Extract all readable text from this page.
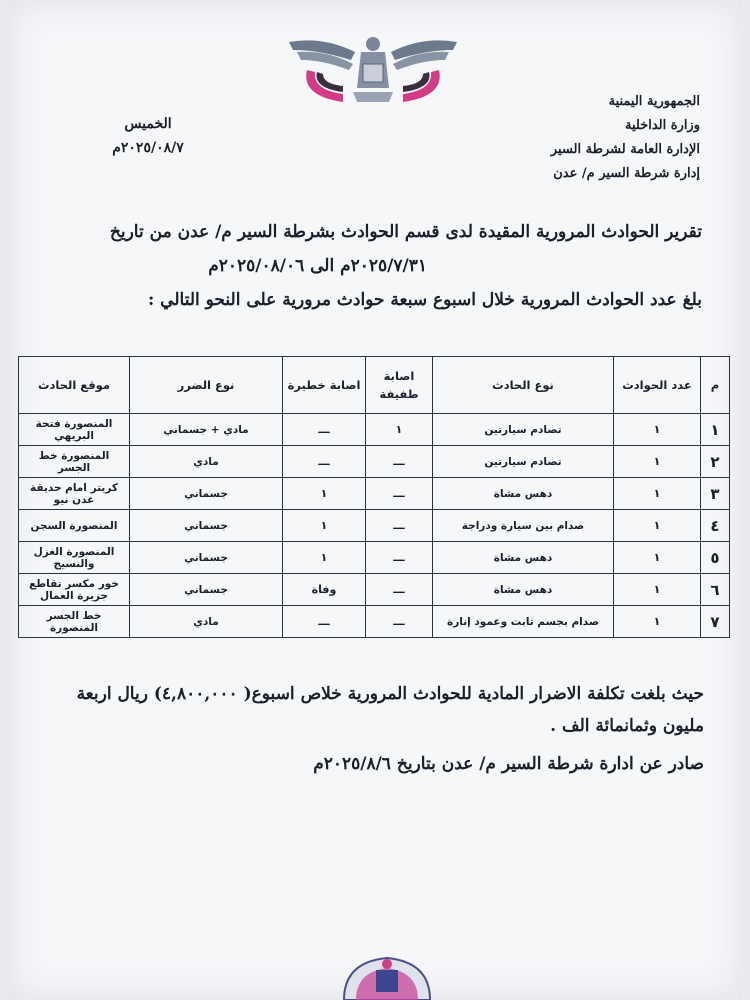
الجمهورية اليمنية
وزارة الداخلية
الإدارة العامة لشرطة السير
إدارة شرطة السير م/ عدن
الخميس
٢٠٢٥/٠٨/٧م
تقرير الحوادث المرورية المقيدة لدى قسم الحوادث بشرطة السير م/ عدن من تاريخ
٢٠٢٥/٧/٣١م الى ٢٠٢٥/٠٨/٠٦م
بلغ عدد الحوادث المرورية خلال اسبوع سبعة حوادث مرورية على النحو التالي :
م	عدد الحوادث	نوع الحادث	اصابة طفيفة	اصابة خطيرة	نوع الضرر	موقع الحادث
١	١	تصادم سيارتين	١	ـــ	مادي + جسماني	المنصورة فتحة البريهي
٢	١	تصادم سيارتين	ـــ	ـــ	مادي	المنصورة خط الجسر
٣	١	دهس مشاة	ـــ	١	جسماني	كريتر امام حديقة عدن نيو
٤	١	صدام بين سيارة ودراجة	ـــ	١	جسماني	المنصورة السجن
٥	١	دهس مشاة	ـــ	١	جسماني	المنصورة الغزل والنسيج
٦	١	دهس مشاة	ـــ	وفاة	جسماني	خور مكسر تقاطع جزيرة العمال
٧	١	صدام بجسم ثابت وعمود إنارة	ـــ	ـــ	مادي	خط الجسر المنصورة
حيث بلغت تكلفة الاضرار المادية للحوادث المرورية خلاص اسبوع( ٤,٨٠٠,٠٠٠) ريال اربعة مليون وثمانمائة الف .
صادر عن ادارة شرطة السير م/ عدن بتاريخ ٢٠٢٥/٨/٦م
